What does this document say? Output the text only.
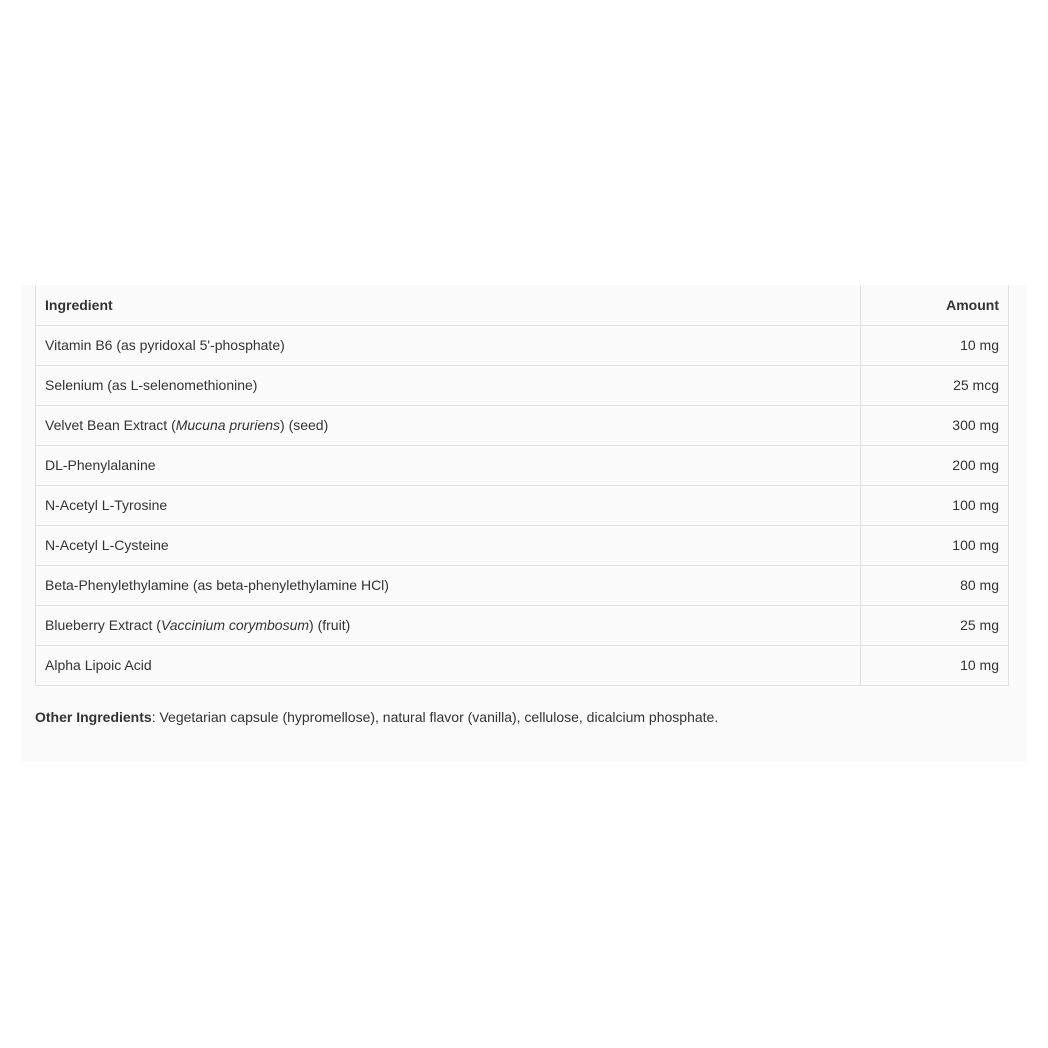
Ingredient	Amount
Vitamin B6 (as pyridoxal 5'-phosphate)	10 mg
Selenium (as L-selenomethionine)	25 mcg
Velvet Bean Extract (Mucuna pruriens) (seed)	300 mg
DL-Phenylalanine	200 mg
N-Acetyl L-Tyrosine	100 mg
N-Acetyl L-Cysteine	100 mg
Beta-Phenylethylamine (as beta-phenylethylamine HCl)	80 mg
Blueberry Extract (Vaccinium corymbosum) (fruit)	25 mg
Alpha Lipoic Acid	10 mg
Other Ingredients: Vegetarian capsule (hypromellose), natural flavor (vanilla), cellulose, dicalcium phosphate.
